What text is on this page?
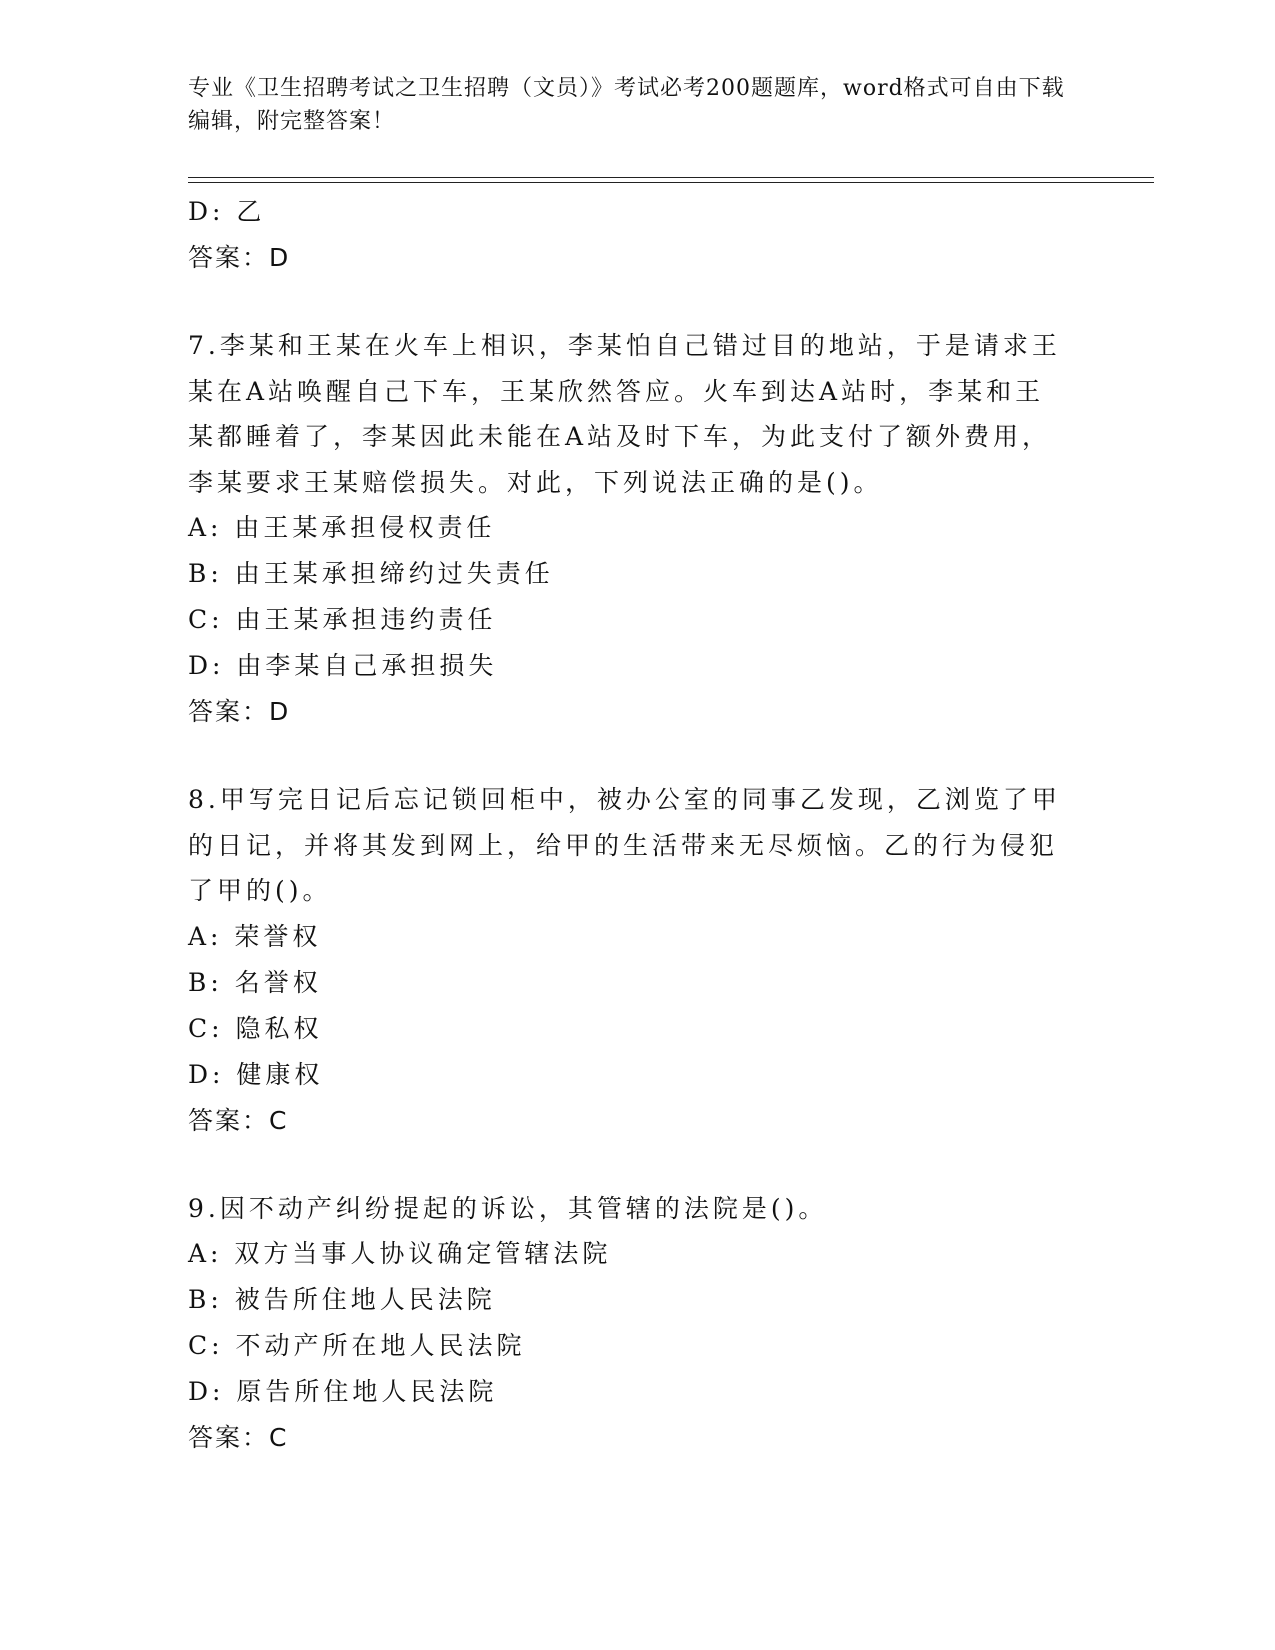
专业《卫生招聘考试之卫生招聘（文员）》考试必考200题题库，word格式可自由下载编辑，附完整答案！
D: 乙
答案：D
7.李某和王某在火车上相识，李某怕自己错过目的地站，于是请求王某在A站唤醒自己下车，王某欣然答应。火车到达A站时，李某和王某都睡着了，李某因此未能在A站及时下车，为此支付了额外费用，李某要求王某赔偿损失。对此，下列说法正确的是()。
A: 由王某承担侵权责任
B: 由王某承担缔约过失责任
C: 由王某承担违约责任
D: 由李某自己承担损失
答案：D
8.甲写完日记后忘记锁回柜中，被办公室的同事乙发现，乙浏览了甲的日记，并将其发到网上，给甲的生活带来无尽烦恼。乙的行为侵犯了甲的()。
A: 荣誉权
B: 名誉权
C: 隐私权
D: 健康权
答案：C
9.因不动产纠纷提起的诉讼，其管辖的法院是()。
A: 双方当事人协议确定管辖法院
B: 被告所住地人民法院
C: 不动产所在地人民法院
D: 原告所住地人民法院
答案：C
